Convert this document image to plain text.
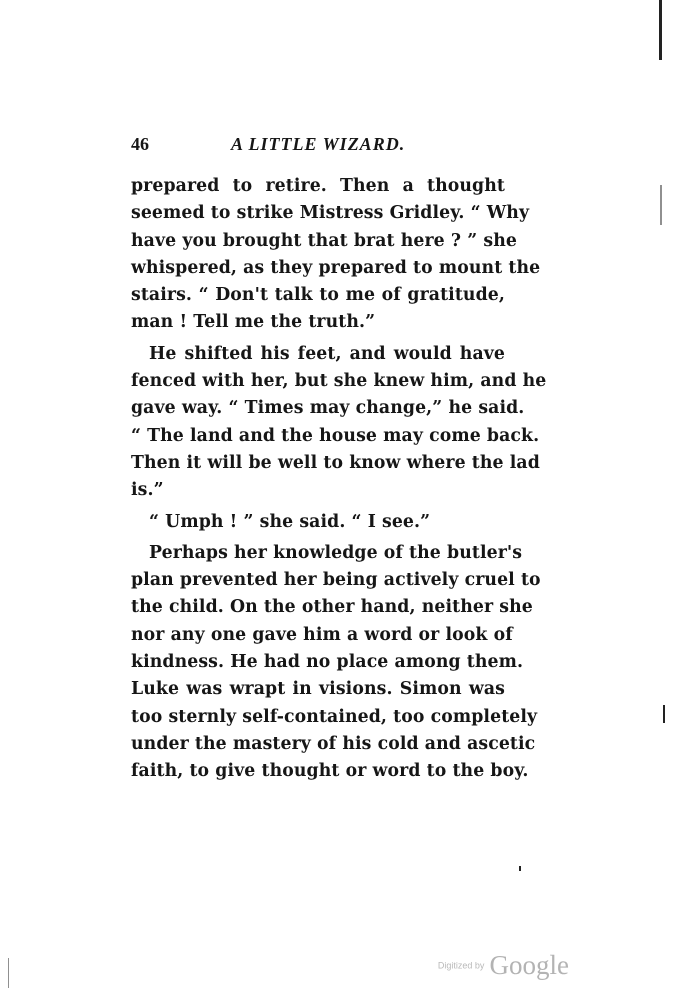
46	A LITTLE WIZARD.
prepared to retire. Then a thought
seemed to strike Mistress Gridley. “ Why
have you brought that brat here ? ” she
whispered, as they prepared to mount the
stairs. “ Don't talk to me of gratitude,
man ! Tell me the truth.”
He shifted his feet, and would have
fenced with her, but she knew him, and he
gave way. “ Times may change,” he said.
“ The land and the house may come back.
Then it will be well to know where the lad
is.”
“ Umph ! ” she said. “ I see.”
Perhaps her knowledge of the butler's
plan prevented her being actively cruel to
the child. On the other hand, neither she
nor any one gave him a word or look of
kindness. He had no place among them.
Luke was wrapt in visions. Simon was
too sternly self-contained, too completely
under the mastery of his cold and ascetic
faith, to give thought or word to the boy.
Digitized by Google
